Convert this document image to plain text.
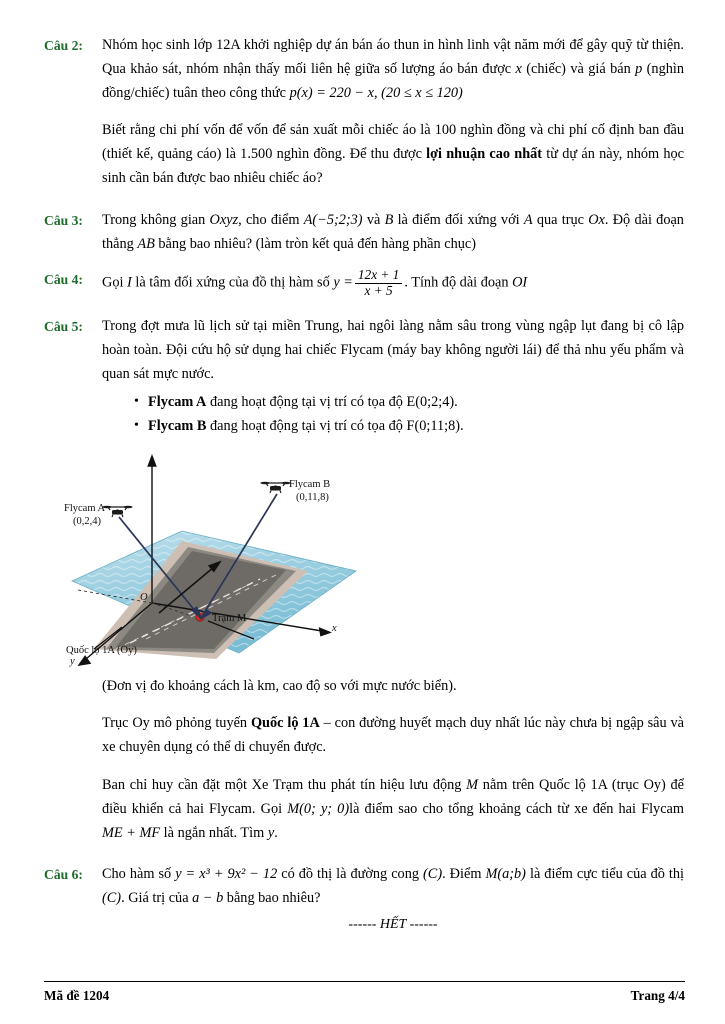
Câu 2:	Nhóm học sinh lớp 12A khởi nghiệp dự án bán áo thun in hình linh vật năm mới để gây quỹ từ thiện. Qua khảo sát, nhóm nhận thấy mối liên hệ giữa số lượng áo bán được x (chiếc) và giá bán p (nghìn đồng/chiếc) tuân theo công thức p(x) = 220 − x, (20 ≤ x ≤ 120)

Biết rằng chi phí vốn để vốn để sản xuất mỗi chiếc áo là 100 nghìn đồng và chi phí cố định ban đầu (thiết kế, quảng cáo) là 1.500 nghìn đồng. Để thu được lợi nhuận cao nhất từ dự án này, nhóm học sinh cần bán được bao nhiêu chiếc áo?

Câu 3:	Trong không gian Oxyz, cho điểm A(−5;2;3) và B là điểm đối xứng với A qua trục Ox. Độ dài đoạn thẳng AB bằng bao nhiêu? (làm tròn kết quả đến hàng phần chục)

Câu 4:	Gọi I là tâm đối xứng của đồ thị hàm số $y = \frac{12x + 1}{x + 5}$ . Tính độ dài đoạn OI

Câu 5:	Trong đợt mưa lũ lịch sử tại miền Trung, hai ngôi làng nằm sâu trong vùng ngập lụt đang bị cô lập hoàn toàn. Đội cứu hộ sử dụng hai chiếc Flycam (máy bay không người lái) để thả nhu yếu phẩm và quan sát mực nước.

• Flycam A đang hoạt động tại vị trí có tọa độ E(0;2;4).
• Flycam B đang hoạt động tại vị trí có tọa độ F(0;11;8).
z
x
y
O
Flycam A
(0,2,4)
Flycam B
(0,11,8)
Trạm M
Quốc lộ 1A (Oy)
(Đơn vị đo khoảng cách là km, cao độ so với mực nước biển).
Trục Oy mô phỏng tuyến Quốc lộ 1A – con đường huyết mạch duy nhất lúc này chưa bị ngập sâu và xe chuyên dụng có thể di chuyển được.
Ban chỉ huy cần đặt một Xe Trạm thu phát tín hiệu lưu động M nằm trên Quốc lộ 1A (trục Oy) để điều khiển cả hai Flycam. Gọi M(0; y; 0)là điểm sao cho tổng khoảng cách từ xe đến hai Flycam ME + MF là ngắn nhất. Tìm y.
Câu 6:	Cho hàm số y = x³ + 9x² − 12 có đồ thị là đường cong (C). Điểm M(a;b) là điểm cực tiểu của đồ thị (C). Giá trị của a − b bằng bao nhiêu?

------ HẾT ------
Mã đề 1204	Trang 4/4
